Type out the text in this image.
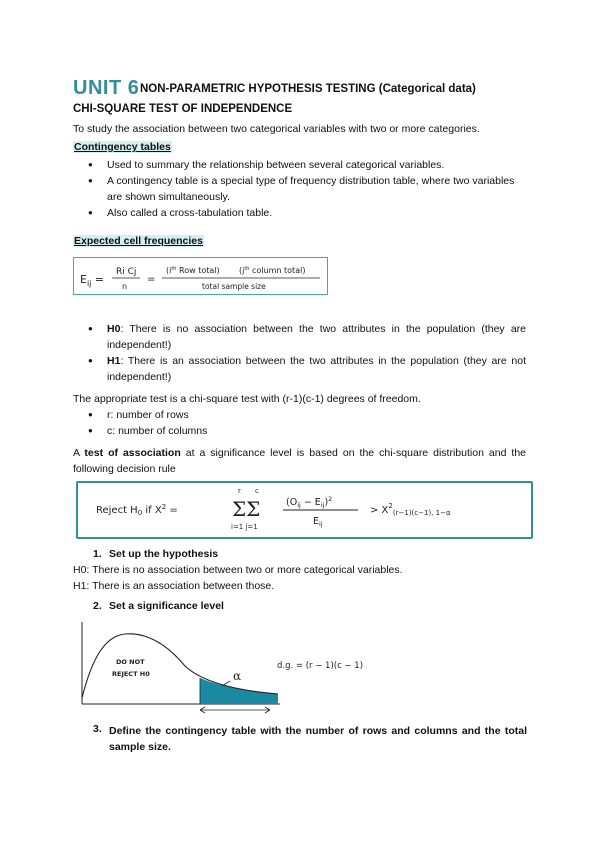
UNIT 6 NON-PARAMETRIC HYPOTHESIS TESTING (Categorical data)
CHI-SQUARE TEST OF INDEPENDENCE
To study the association between two categorical variables with two or more categories.
Contingency tables
● Used to summary the relationship between several categorical variables.
● A contingency table is a special type of frequency distribution table, where two variables are shown simultaneously.
● Also called a cross-tabulation table.
Expected cell frequencies
$E_{ij}$ =
Ri Cj
n
=
($i^{th}$ Row total) ($j^{th}$ column total)
total sample size
● H0: There is no association between the two attributes in the population (they are independent!)
● H1: There is an association between the two attributes in the population (they are not independent!)
The appropriate test is a chi-square test with (r-1)(c-1) degrees of freedom.
● r: number of rows
● c: number of columns
A test of association at a significance level is based on the chi-square distribution and the following decision rule
Reject $H_0$ if $X^2$ =
r c
ΣΣ
i=1 j=1
$(O_{ij} - E_{ij})^2$
$E_{ij}$
> $X^2_{(r-1)(c-1), 1-\alpha}$
1. Set up the hypothesis
H0: There is no association between two or more categorical variables.
H1: There is an association between those.
2. Set a significance level
DO NOT REJECT H0	α
d.g. = (r − 1)(c − 1)
3. Define the contingency table with the number of rows and columns and the total sample size.
